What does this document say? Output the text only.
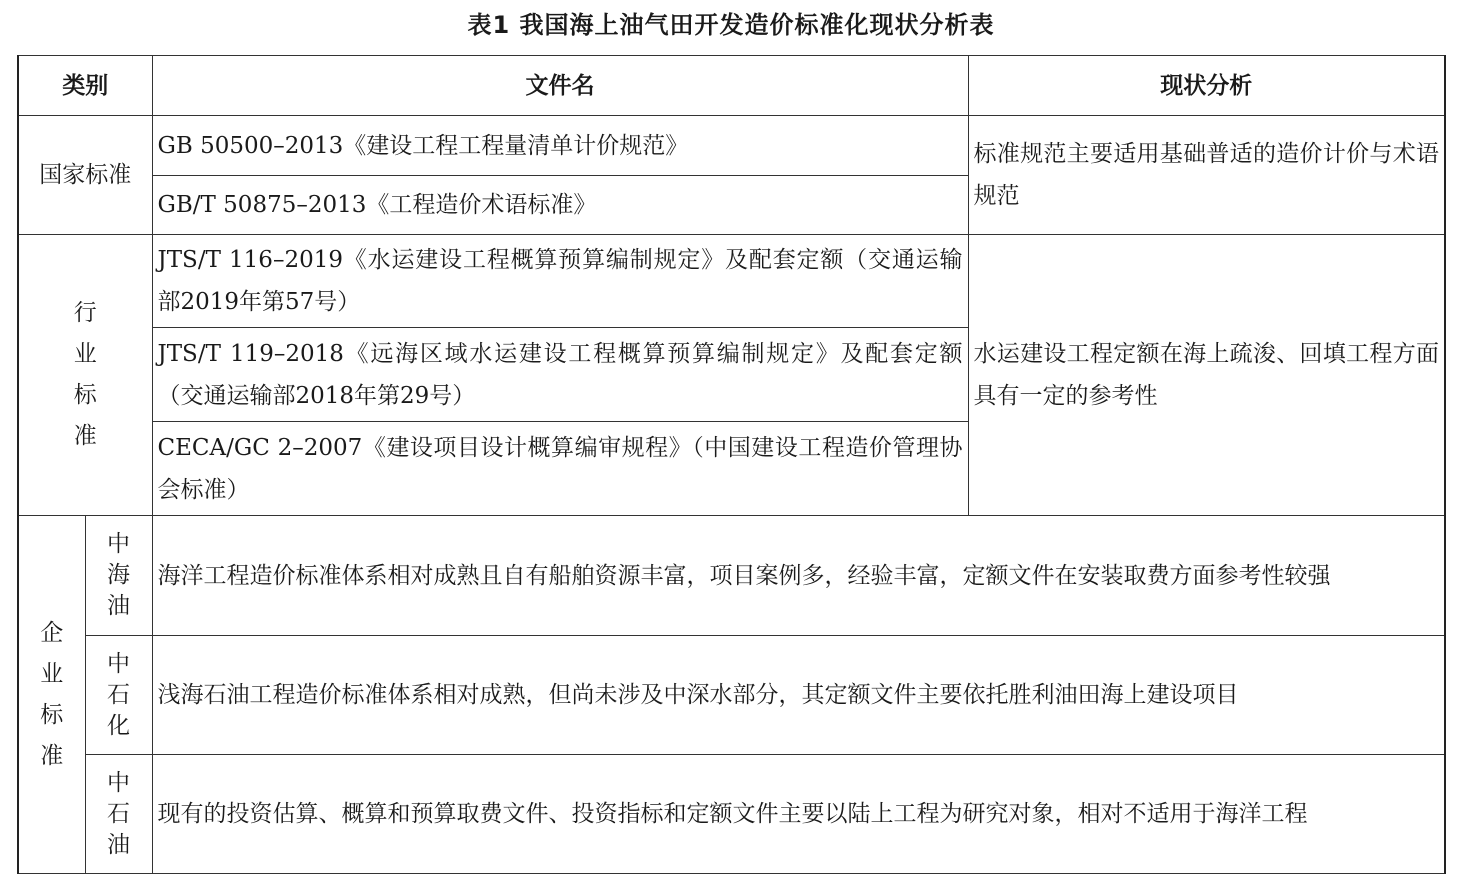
表1 我国海上油气田开发造价标准化现状分析表
类别		文件名	现状分析
国家标准		GB 50500–2013《建设工程工程量清单计价规范》	标准规范主要适用基础普适的造价计价与术语规范
		GB/T 50875–2013《工程造价术语标准》	

行业标准		JTS/T 116–2019《水运建设工程概算预算编制规定》及配套定额（交通运输部2019年第57号）	水运建设工程定额在海上疏浚、回填工程方面具有一定的参考性
		JTS/T 119–2018《远海区域水运建设工程概算预算编制规定》及配套定额（交通运输部2018年第29号）	
		CECA/GC 2–2007《建设项目设计概算编审规程》（中国建设工程造价管理协会标准）	

企业标准	中海油	海洋工程造价标准体系相对成熟且自有船舶资源丰富，项目案例多，经验丰富，定额文件在安装取费方面参考性较强	

	中石化	浅海石油工程造价标准体系相对成熟，但尚未涉及中深水部分，其定额文件主要依托胜利油田海上建设项目	

	中石油	现有的投资估算、概算和预算取费文件、投资指标和定额文件主要以陆上工程为研究对象，相对不适用于海洋工程	
